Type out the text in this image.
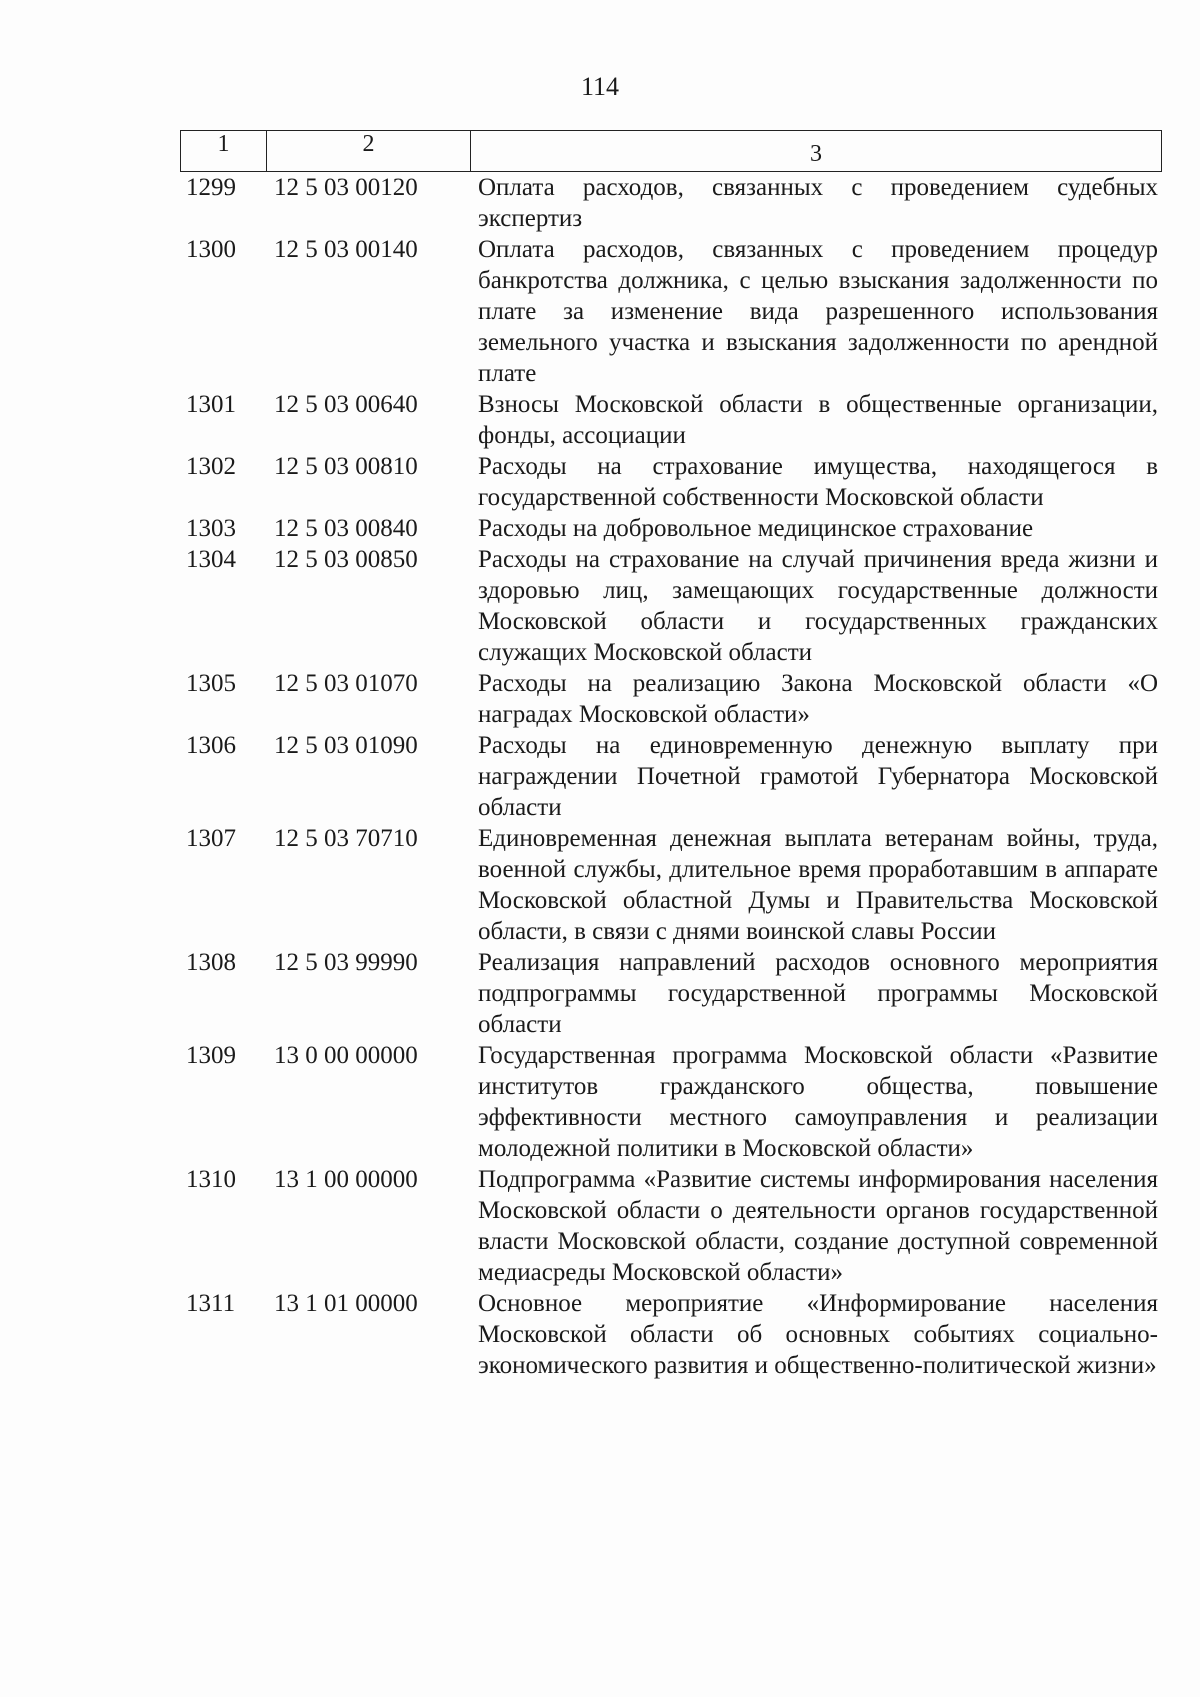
114
1	2	3
1299	12 5 03 00120	Оплата расходов, связанных с проведением судебных экспертиз
1300	12 5 03 00140	Оплата расходов, связанных с проведением процедур банкротства должника, с целью взыскания задолженности по плате за изменение вида разрешенного использования земельного участка и взыскания задолженности по арендной плате
1301	12 5 03 00640	Взносы Московской области в общественные организации, фонды, ассоциации
1302	12 5 03 00810	Расходы на страхование имущества, находящегося в государственной собственности Московской области
1303	12 5 03 00840	Расходы на добровольное медицинское страхование
1304	12 5 03 00850	Расходы на страхование на случай причинения вреда жизни и здоровью лиц, замещающих государственные должности Московской области и государственных гражданских служащих Московской области
1305	12 5 03 01070	Расходы на реализацию Закона Московской области «О наградах Московской области»
1306	12 5 03 01090	Расходы на единовременную денежную выплату при награждении Почетной грамотой Губернатора Московской области
1307	12 5 03 70710	Единовременная денежная выплата ветеранам войны, труда, военной службы, длительное время проработавшим в аппарате Московской областной Думы и Правительства Московской области, в связи с днями воинской славы России
1308	12 5 03 99990	Реализация направлений расходов основного мероприятия подпрограммы государственной программы Московской области
1309	13 0 00 00000	Государственная программа Московской области «Развитие институтов гражданского общества, повышение эффективности местного самоуправления и реализации молодежной политики в Московской области»
1310	13 1 00 00000	Подпрограмма «Развитие системы информирования населения Московской области о деятельности органов государственной власти Московской области, создание доступной современной медиасреды Московской области»
1311	13 1 01 00000	Основное мероприятие «Информирование населения Московской области об основных событиях социально-экономического развития и общественно-политической жизни»
